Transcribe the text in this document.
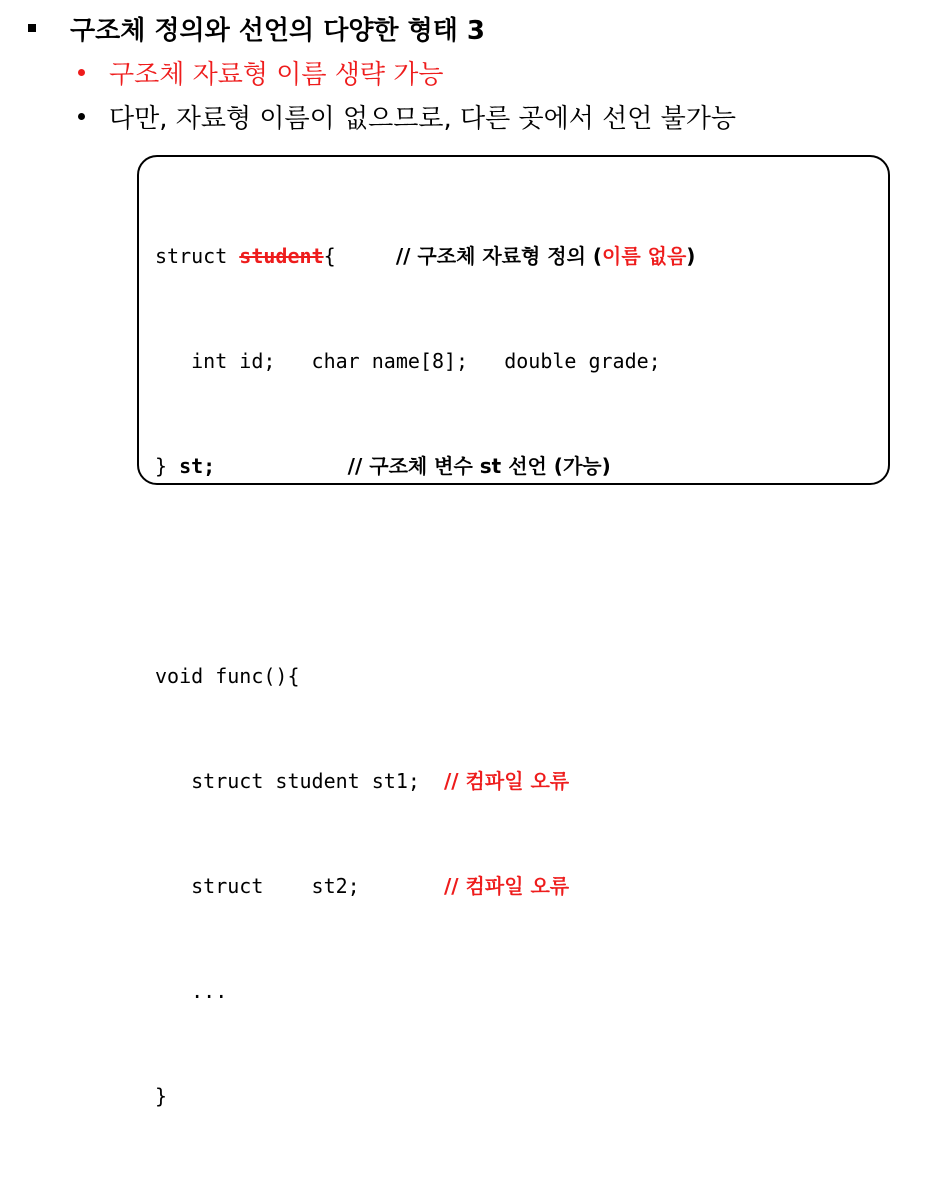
구조체 정의와 선언의 다양한 형태 3
구조체 자료형 이름 생략 가능
다만, 자료형 이름이 없으므로, 다른 곳에서 선언 불가능

struct student{	// 구조체 자료형 정의 (이름 없음)

int id;   char name[8];   double grade;

} st;	// 구조체 변수 st 선언 (가능)

void func(){

struct student st1;  // 컴파일 오류

struct    st2;       // 컴파일 오류

...

}
